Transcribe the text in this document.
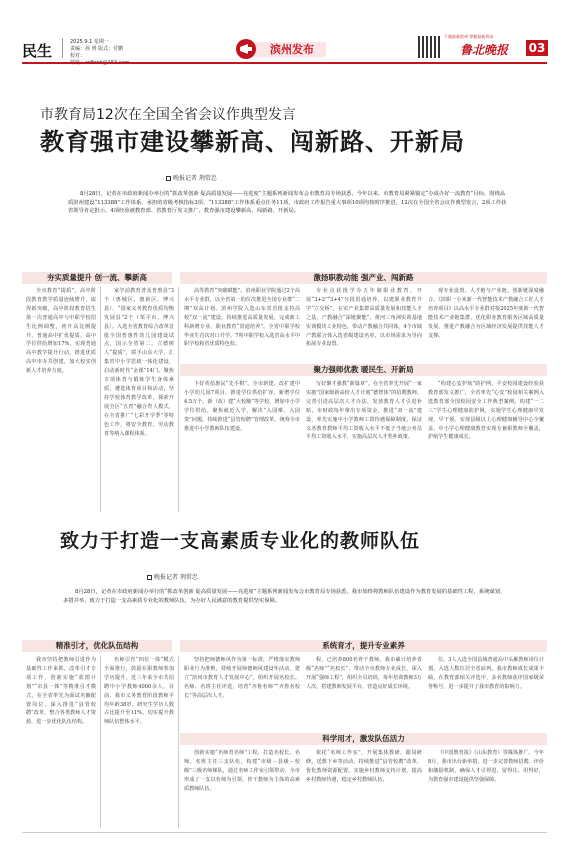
民生	2025.9.1 星期一
责编：孙 赟 版式：付鹏
校对：	滨州发布
下载最新滨州 掌握最新资讯
鲁北晚报 03
市教育局12次在全国全省会议作典型发言
教育强市建设攀新高、闯新路、开新局
晚报记者 荆常忠
8月28日，记者在市政府新闻办举行的“抓改革创新 促高质量发展——亮进度”主题系列新闻发布会市教育局专场获悉，今年以来，市教育局紧紧锚定“办成办好一流教育”目标，围绕品质滨州建设“113388”工作体系，承担的省级考核指标3项、“113388”工作体系重点任务11项，市政府工作报告重大事项10项均按时序推进，12次在全国全省会议作典型发言，2项工作获省领导肯定批示，4项经验被教育部、省教育厅发文推广，教育强市建设攀新高、闯新路、开新局。
夯实质量提升 创一流、攀新高	激扬职教动能 强产业、闯新路

全市教育“提质”，高中阶段教育教学质量连续增升，取得新突破，高中阶段教育招生第一次普通高中与中职学校招生比例调整，初升高比例提升，普通高中扩优提质，高中学位供给增加17%，实现普通高中教学提升行动，推进优质高中市办共创建，加大校实创新人才培养力度。

家学前教育普及普惠县”3个（惠城区、惠新区、博兴县），“国家义务教育优质均衡发展县”2个（邹平市、博兴县）。入选全省教育综合改革首批全国普惠性幼儿园建设试点，国示全省第二。立德树人“提质”，联手山东大学，汇集省中小学思政一体化建设，启动新时代“金课”14门。聚焦专项体育与锻炼学生身体素质，遴选体育项目和活动，坚持学校体育教学改革，探索开展全区“五育”融合育人模式，在全省推广“七彩开学季”等特色工作，将安全教育、劳动教育等纳入课程体系。

高等教育“突破赋能”。滨州职业学院通过2个高水平专业群，以全省第一的位次推进全国专业群“二期”双高计划。滨州学院入选山东省首批支持高校“双一流”建设，持续推进高质量发展，完成新工科新增专业。职业教育“贯通培养”。全省中职学校毕业生首次对口升学，7所中职学校入选省高水平中职学校和省优质特色校。

专业点获批学办五年制职业教育，开展“3+2”“3+4”分段贯通培养，以建职业教育升学“立交桥”，在实产业集群高质量发展和技能人才之基。产教融合“深链聚能”。黄河三角洲实训基地实训模块工业特色，带动产教融合共同体，4个市域产教联合体入选省级建设名单，以市场需求为导向拓展专业设置。

现专业设置，人才链与产业链、创新链深度融合。《滨职一小米新一代智能技术产教融合工匠人才培养项目》以高水平专业群对接2025年度新一代智能技术产业链集群，优化职业教育服务区域高质量发展，推进产教融合为区域经济发展提供技能人才支撑。

聚力强师优教 暖民生、开新局

下好英蓓惠民“先手棋”。全市新建、改扩建中小学幼儿园7项目，推进学位供给扩容，新增学位4.5万个。新（改）建“大校额”等学校，增加中小学学位供给。聚焦就近入学，解决“入园难、入园贵”问题，持续推进“县管校聘”管理改革，统筹全市推进中小学教师队伍建设。

写好聚才强教“新篇章”。在全省率先开展“一家实施”国家级新高校人才计划“德智体”的招聘教师，完善引进高层次人才办法，发放教育人才引进补贴，市财政每年拿出专项资金，推进“双一流”建设，率先实施中小学教师工资待遇保障制度，保证义务教育教师平均工资收入水平不低于当地公务员平均工资收入水平，实施高层次人才奖补政策。

“构建心安护航”防护网，平安校园建设经验获教育部发文推广，全省率先“心安”校园相关案例入选教育部全国校园安全工作典型案例。构建“一二三”学生心理健康防护网，实施学生心理健康早发现、早干预，实现县级以上心理健康辅导中心全覆盖，中小学心理健康教育实现专兼职教师全覆盖，护航学生健康成长。

致力于打造一支高素质专业化的教师队伍
晚报记者 荆常忠
8月28日，记者在市政府新闻办举行的“抓改革创新 促高质量发展——亮进度”主题系列新闻发布会市教育局专场获悉，我市始终将教师队伍建设作为教育发展的基础性工程，系统谋划、多措并举，致力于打造一支高素质专业化的教师队伍，为办好人民满意的教育提供坚实保障。
精准引才，优化队伍结构	系统育才，提升专业素养

我市坚持把教师引进作为基础性工作来抓，改革引才专项工作，创新实施“蓝图计划”“市县一体”等精准引才模式，在全省率先为面试名额配置岗位，深入推进“县管校聘”改革，整合各类教师人才资源，进一步优化队伍结构。

名师引育“四位一体”模式全面推行，鼓励在职教师参加学历提升，近三年来全市共招聘中小学教师4000余人，目前，我市义务教育阶段教师平均年龄38岁，研究生学历人数占比提升至11%，切实提升教师队伍整体水平。

坚持把师德师风作为第一标准，严格落实教师职业行为准则，持续开展师德师风建设年活动。建立“滨州市教育人才发展中心”，组织开展名校长、名师、名班主任评选，培育“齐鲁名师”“齐鲁名校长”等高层次人才。

程，已培养800名骨干教师。我市累计培养省级“名师”“名校长”，带动全市教师专业成长，深入开展“强师工程”，组织全员培训，每年培训教师3万人次，搭建教师发展平台，营造良好成长环境。

位。3人入选全国县域普通高中头雁教师岗位计划，入选人数位居全省前列。我市教师成长成果丰硕，在教育部相关评选中，多名教师获评国家级荣誉称号，进一步提升了我市教育的影响力。

科学用才，激发队伍活力

创新实施“名师育名师”工程，打造名校长、名师、名班主任三支队伍，构建“市级－县级－校级”三级名师梯队，通过名师工作室引领带动，全市形成了一支以名师为引领、骨干教师为主体的高素质教师队伍。

依托“名师工作室”，开展集体教研、跟岗研修、送教下乡等活动，持续推进“县管校聘”改革，优化教师资源配置。实施乡村教师支持计划，提高乡村教师待遇，稳定乡村教师队伍。

《中国教育报》《山东教育》等媒体推广。今年8月，我市出台新举措，进一步完善教师招聘、评价和激励机制，确保人才引得进、留得住、用得好，为教育强市建设提供坚强保障。
